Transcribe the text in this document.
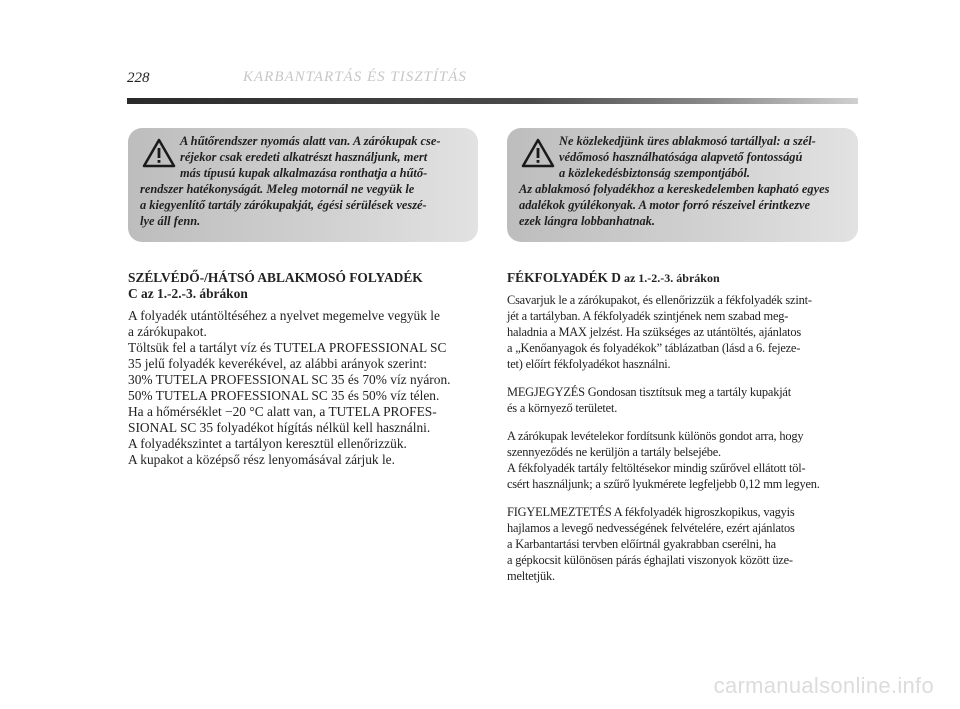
228	KARBANTARTÁS ÉS TISZTÍTÁS

A hűtőrendszer nyomás alatt van. A zárókupak cse-
réjekor csak eredeti alkatrészt használjunk, mert
más típusú kupak alkalmazása ronthatja a hűtő-
rendszer hatékonyságát. Meleg motornál ne vegyük le
a kiegyenlítő tartály zárókupakját, égési sérülések veszé-
lye áll fenn.

Ne közlekedjünk üres ablakmosó tartállyal: a szél-
védőmosó használhatósága alapvető fontosságú
a közlekedésbiztonság szempontjából.
Az ablakmosó folyadékhoz a kereskedelemben kapható egyes
adalékok gyúlékonyak. A motor forró részeivel érintkezve
ezek lángra lobbanhatnak.

SZÉLVÉDŐ-/HÁTSÓ ABLAKMOSÓ FOLYADÉK
C az 1.-2.-3. ábrákon

A folyadék utántöltéséhez a nyelvet megemelve vegyük le
a zárókupakot.
Töltsük fel a tartályt víz és TUTELA PROFESSIONAL SC
35 jelű folyadék keverékével, az alábbi arányok szerint:
30% TUTELA PROFESSIONAL SC 35 és 70% víz nyáron.
50% TUTELA PROFESSIONAL SC 35 és 50% víz télen.
Ha a hőmérséklet −20 °C alatt van, a TUTELA PROFES-
SIONAL SC 35 folyadékot hígítás nélkül kell használni.
A folyadékszintet a tartályon keresztül ellenőrizzük.
A kupakot a középső rész lenyomásával zárjuk le.

FÉKFOLYADÉK D az 1.-2.-3. ábrákon

Csavarjuk le a zárókupakot, és ellenőrizzük a fékfolyadék szint-
jét a tartályban. A fékfolyadék szintjének nem szabad meg-
haladnia a MAX jelzést. Ha szükséges az utántöltés, ajánlatos
a „Kenőanyagok és folyadékok” táblázatban (lásd a 6. fejeze-
tet) előírt fékfolyadékot használni.

MEGJEGYZÉS Gondosan tisztítsuk meg a tartály kupakját
és a környező területet.

A zárókupak levételekor fordítsunk különös gondot arra, hogy
szennyeződés ne kerüljön a tartály belsejébe.
A fékfolyadék tartály feltöltésekor mindig szűrővel ellátott töl-
csért használjunk; a szűrő lyukmérete legfeljebb 0,12 mm legyen.

FIGYELMEZTETÉS A fékfolyadék higroszkopikus, vagyis
hajlamos a levegő nedvességének felvételére, ezért ajánlatos
a Karbantartási tervben előírtnál gyakrabban cserélni, ha
a gépkocsit különösen párás éghajlati viszonyok között üze-
meltetjük.

carmanualsonline.info
